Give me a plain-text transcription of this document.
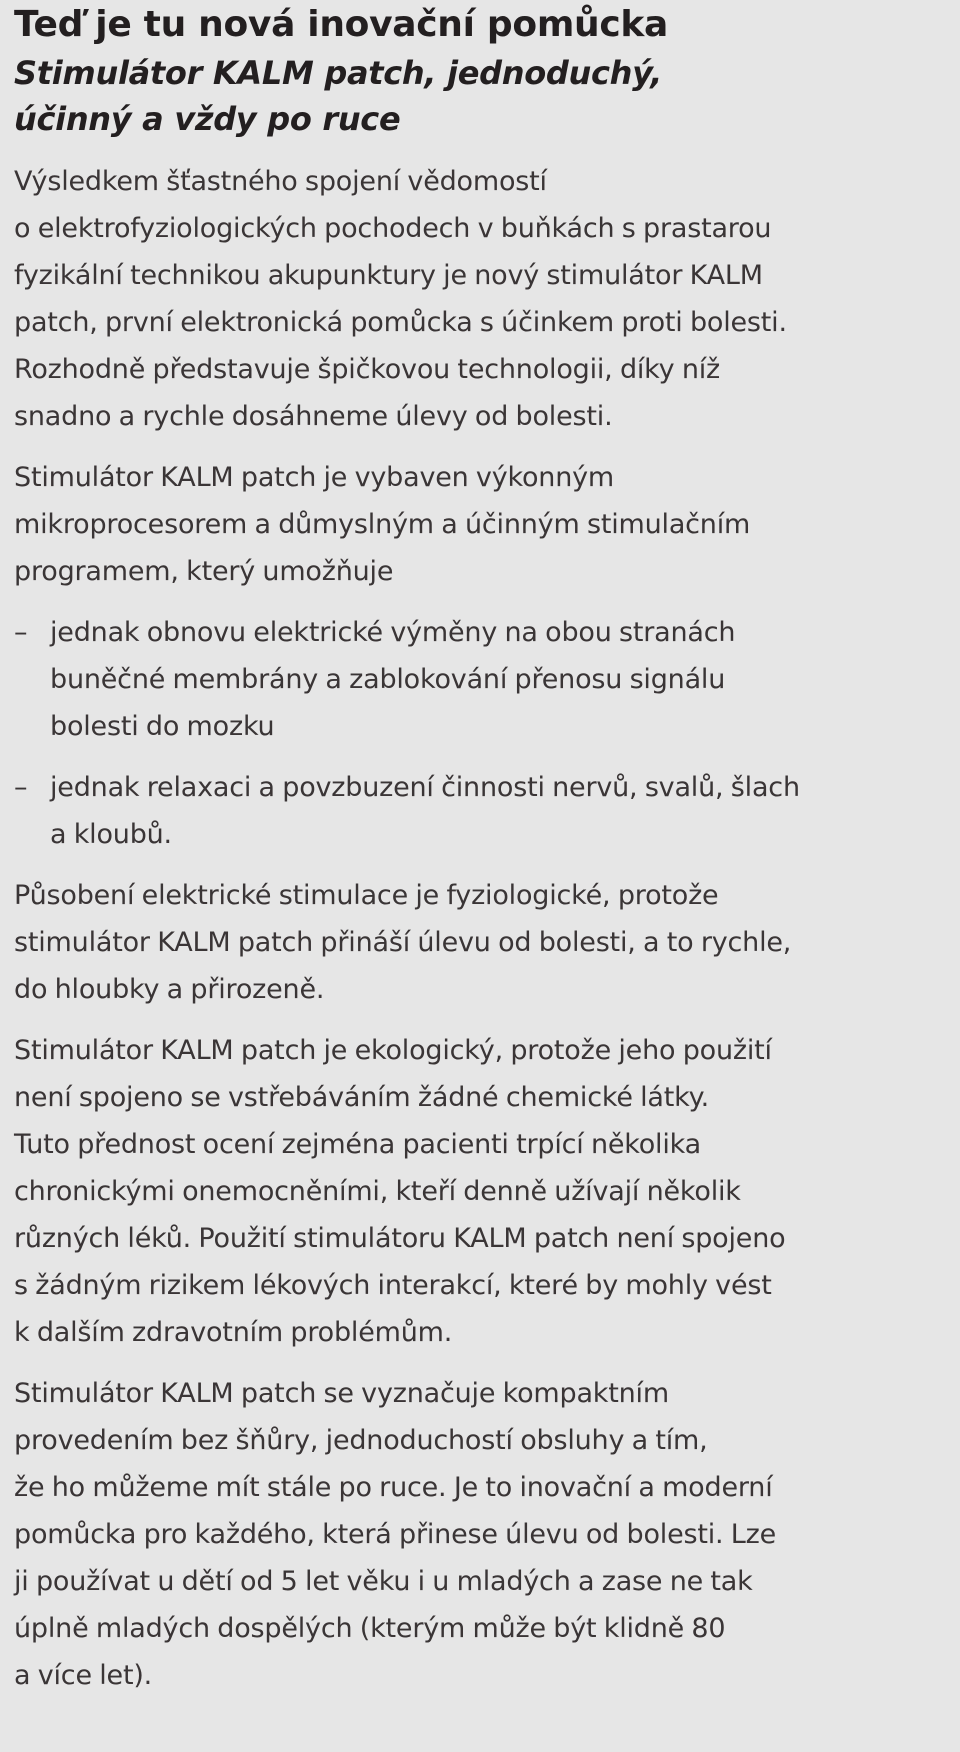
Teď je tu nová inovační pomůcka
Stimulátor KALM patch, jednoduchý,
účinný a vždy po ruce
Výsledkem šťastného spojení vědomostí
o elektrofyziologických pochodech v buňkách s prastarou
fyzikální technikou akupunktury je nový stimulátor KALM
patch, první elektronická pomůcka s účinkem proti bolesti.
Rozhodně představuje špičkovou technologii, díky níž
snadno a rychle dosáhneme úlevy od bolesti.
Stimulátor KALM patch je vybaven výkonným
mikroprocesorem a důmyslným a účinným stimulačním
programem, který umožňuje
– jednak obnovu elektrické výměny na obou stranách
buněčné membrány a zablokování přenosu signálu
bolesti do mozku
– jednak relaxaci a povzbuzení činnosti nervů, svalů, šlach
a kloubů.
Působení elektrické stimulace je fyziologické, protože
stimulátor KALM patch přináší úlevu od bolesti, a to rychle,
do hloubky a přirozeně.
Stimulátor KALM patch je ekologický, protože jeho použití
není spojeno se vstřebáváním žádné chemické látky.
Tuto přednost ocení zejména pacienti trpící několika
chronickými onemocněními, kteří denně užívají několik
různých léků. Použití stimulátoru KALM patch není spojeno
s žádným rizikem lékových interakcí, které by mohly vést
k dalším zdravotním problémům.
Stimulátor KALM patch se vyznačuje kompaktním
provedením bez šňůry, jednoduchostí obsluhy a tím,
že ho můžeme mít stále po ruce. Je to inovační a moderní
pomůcka pro každého, která přinese úlevu od bolesti. Lze
ji používat u dětí od 5 let věku i u mladých a zase ne tak
úplně mladých dospělých (kterým může být klidně 80
a více let).
